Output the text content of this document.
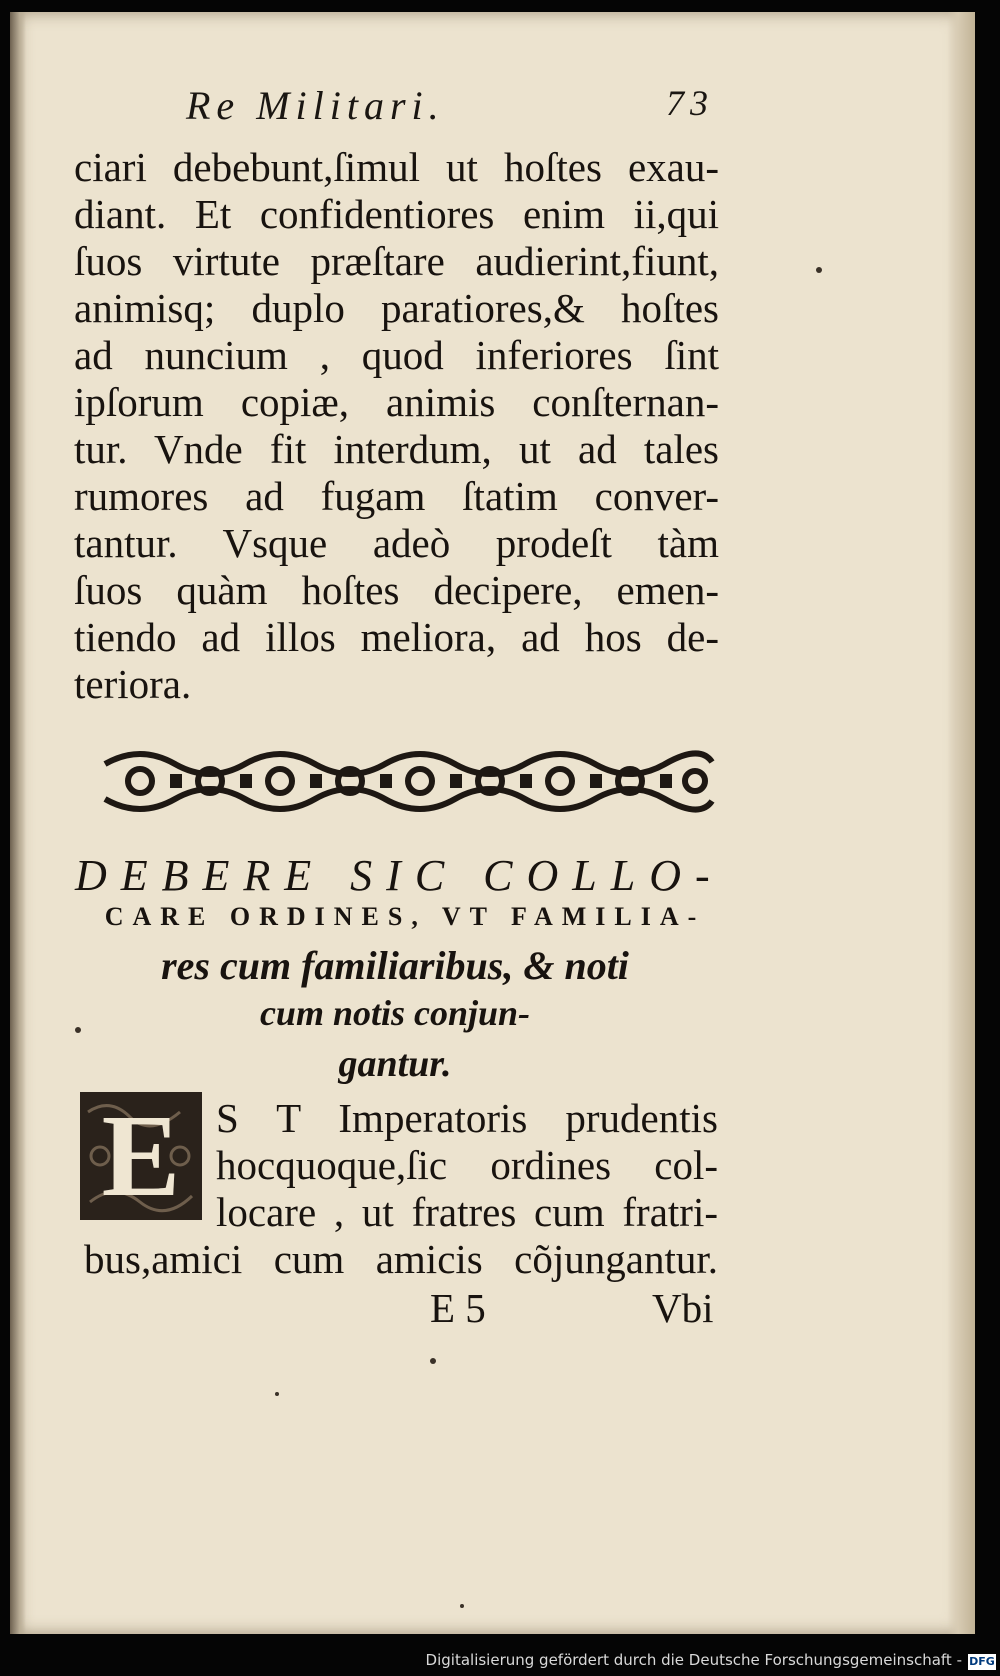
Re Militari.	73
ciari debebunt,ſimul ut hoſtes exau-
diant. Et confidentiores enim ii,qui
ſuos virtute præſtare audierint,fiunt,
animisq; duplo paratiores,& hoſtes
ad nuncium , quod inferiores ſint
ipſorum copiæ, animis conſternan-
tur. Vnde fit interdum, ut ad tales
rumores ad fugam ſtatim conver-
tantur. Vsque adeò prodeſt tàm
ſuos quàm hoſtes decipere, emen-
tiendo ad illos meliora, ad hos de-
teriora.
DEBERE SIC COLLO-
CARE ORDINES, VT FAMILIA-
res cum familiaribus, & noti
cum notis conjun-
gantur.
E S T Imperatoris prudentis
hocquoque,ſic ordines col-
locare , ut fratres cum fratri-
bus,amici cum amicis cõjungantur.
E 5	Vbi
Digitalisierung gefördert durch die Deutsche Forschungsgemeinschaft - DFG
